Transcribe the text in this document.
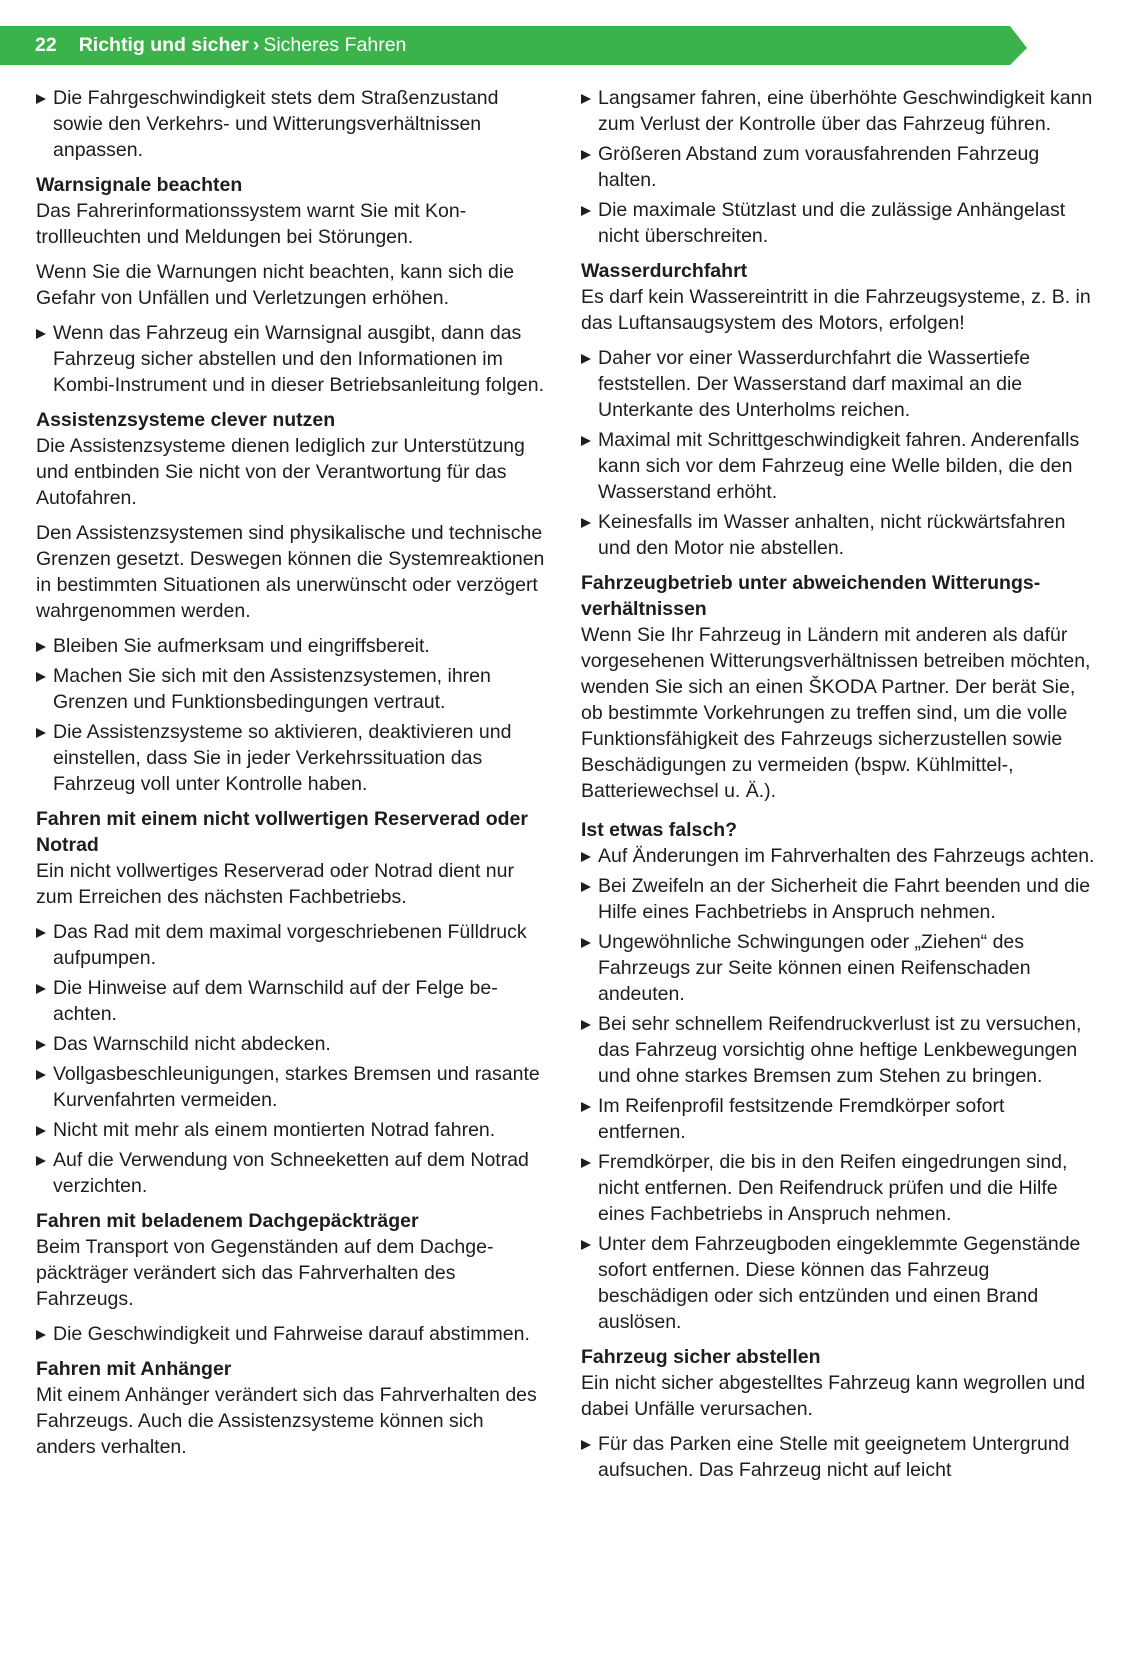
22 Richtig und sicher › Sicheres Fahren
Die Fahrgeschwindigkeit stets dem Straßenzustand sowie den Verkehrs- und Witterungsverhältnissen anpassen.
Warnsignale beachten
Das Fahrerinformationssystem warnt Sie mit Kontrollleuchten und Meldungen bei Störungen.
Wenn Sie die Warnungen nicht beachten, kann sich die Gefahr von Unfällen und Verletzungen erhöhen.
Wenn das Fahrzeug ein Warnsignal ausgibt, dann das Fahrzeug sicher abstellen und den Informationen im Kombi-Instrument und in dieser Betriebsanleitung folgen.
Assistenzsysteme clever nutzen
Die Assistenzsysteme dienen lediglich zur Unterstützung und entbinden Sie nicht von der Verantwortung für das Autofahren.
Den Assistenzsystemen sind physikalische und technische Grenzen gesetzt. Deswegen können die Systemreaktionen in bestimmten Situationen als unerwünscht oder verzögert wahrgenommen werden.
Bleiben Sie aufmerksam und eingriffsbereit.
Machen Sie sich mit den Assistenzsystemen, ihren Grenzen und Funktionsbedingungen vertraut.
Die Assistenzsysteme so aktivieren, deaktivieren und einstellen, dass Sie in jeder Verkehrssituation das Fahrzeug voll unter Kontrolle haben.
Fahren mit einem nicht vollwertigen Reserverad oder Notrad
Ein nicht vollwertiges Reserverad oder Notrad dient nur zum Erreichen des nächsten Fachbetriebs.
Das Rad mit dem maximal vorgeschriebenen Fülldruck aufpumpen.
Die Hinweise auf dem Warnschild auf der Felge beachten.
Das Warnschild nicht abdecken.
Vollgasbeschleunigungen, starkes Bremsen und rasante Kurvenfahrten vermeiden.
Nicht mit mehr als einem montierten Notrad fahren.
Auf die Verwendung von Schneeketten auf dem Notrad verzichten.
Fahren mit beladenem Dachgepäckträger
Beim Transport von Gegenständen auf dem Dachgepäckträger verändert sich das Fahrverhalten des Fahrzeugs.
Die Geschwindigkeit und Fahrweise darauf abstimmen.
Fahren mit Anhänger
Mit einem Anhänger verändert sich das Fahrverhalten des Fahrzeugs. Auch die Assistenzsysteme können sich anders verhalten.
Langsamer fahren, eine überhöhte Geschwindigkeit kann zum Verlust der Kontrolle über das Fahrzeug führen.
Größeren Abstand zum vorausfahrenden Fahrzeug halten.
Die maximale Stützlast und die zulässige Anhängelast nicht überschreiten.
Wasserdurchfahrt
Es darf kein Wassereintritt in die Fahrzeugsysteme, z. B. in das Luftansaugsystem des Motors, erfolgen!
Daher vor einer Wasserdurchfahrt die Wassertiefe feststellen. Der Wasserstand darf maximal an die Unterkante des Unterholms reichen.
Maximal mit Schrittgeschwindigkeit fahren. Anderenfalls kann sich vor dem Fahrzeug eine Welle bilden, die den Wasserstand erhöht.
Keinesfalls im Wasser anhalten, nicht rückwärtsfahren und den Motor nie abstellen.
Fahrzeugbetrieb unter abweichenden Witterungsverhältnissen
Wenn Sie Ihr Fahrzeug in Ländern mit anderen als dafür vorgesehenen Witterungsverhältnissen betreiben möchten, wenden Sie sich an einen ŠKODA Partner. Der berät Sie, ob bestimmte Vorkehrungen zu treffen sind, um die volle Funktionsfähigkeit des Fahrzeugs sicherzustellen sowie Beschädigungen zu vermeiden (bspw. Kühlmittel-, Batteriewechsel u. Ä.).
Ist etwas falsch?
Auf Änderungen im Fahrverhalten des Fahrzeugs achten.
Bei Zweifeln an der Sicherheit die Fahrt beenden und die Hilfe eines Fachbetriebs in Anspruch nehmen.
Ungewöhnliche Schwingungen oder „Ziehen“ des Fahrzeugs zur Seite können einen Reifenschaden andeuten.
Bei sehr schnellem Reifendruckverlust ist zu versuchen, das Fahrzeug vorsichtig ohne heftige Lenkbewegungen und ohne starkes Bremsen zum Stehen zu bringen.
Im Reifenprofil festsitzende Fremdkörper sofort entfernen.
Fremdkörper, die bis in den Reifen eingedrungen sind, nicht entfernen. Den Reifendruck prüfen und die Hilfe eines Fachbetriebs in Anspruch nehmen.
Unter dem Fahrzeugboden eingeklemmte Gegenstände sofort entfernen. Diese können das Fahrzeug beschädigen oder sich entzünden und einen Brand auslösen.
Fahrzeug sicher abstellen
Ein nicht sicher abgestelltes Fahrzeug kann wegrollen und dabei Unfälle verursachen.
Für das Parken eine Stelle mit geeignetem Untergrund aufsuchen. Das Fahrzeug nicht auf leicht
